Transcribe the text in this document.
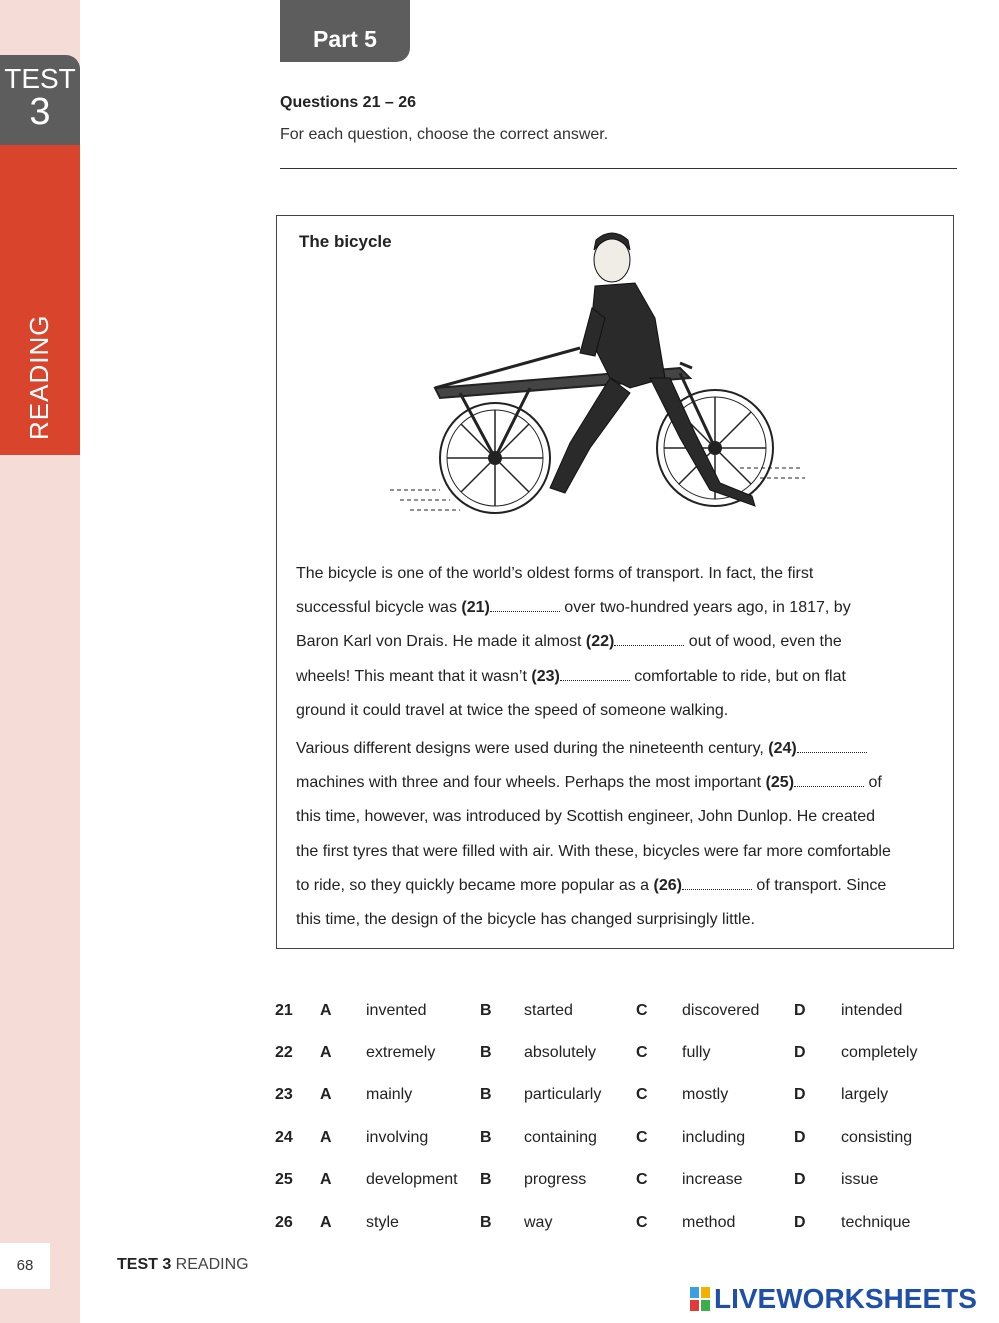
TEST
3
READING
68	TEST 3 READING
Part 5
Questions 21 – 26
For each question, choose the correct answer.
The bicycle
The bicycle is one of the world’s oldest forms of transport. In fact, the first
successful bicycle was (21)	over two-hundred years ago, in 1817, by
Baron Karl von Drais. He made it almost (22)	out of wood, even the
wheels! This meant that it wasn’t (23)	comfortable to ride, but on flat
ground it could travel at twice the speed of someone walking.
Various different designs were used during the nineteenth century, (24)
machines with three and four wheels. Perhaps the most important (25)	of
this time, however, was introduced by Scottish engineer, John Dunlop. He created
the first tyres that were filled with air. With these, bicycles were far more comfortable
to ride, so they quickly became more popular as a (26)	of transport. Since
this time, the design of the bicycle has changed surprisingly little.
21 A invented	B started	C discovered D intended
22 A extremely	B absolutely C fully	D completely
23 A mainly	B particularly C mostly	D largely
24 A involving	B containing C including	D consisting
25 A development B progress	C increase	D issue
26 A style	B way	C method	D technique
LIVEWORKSHEETS
